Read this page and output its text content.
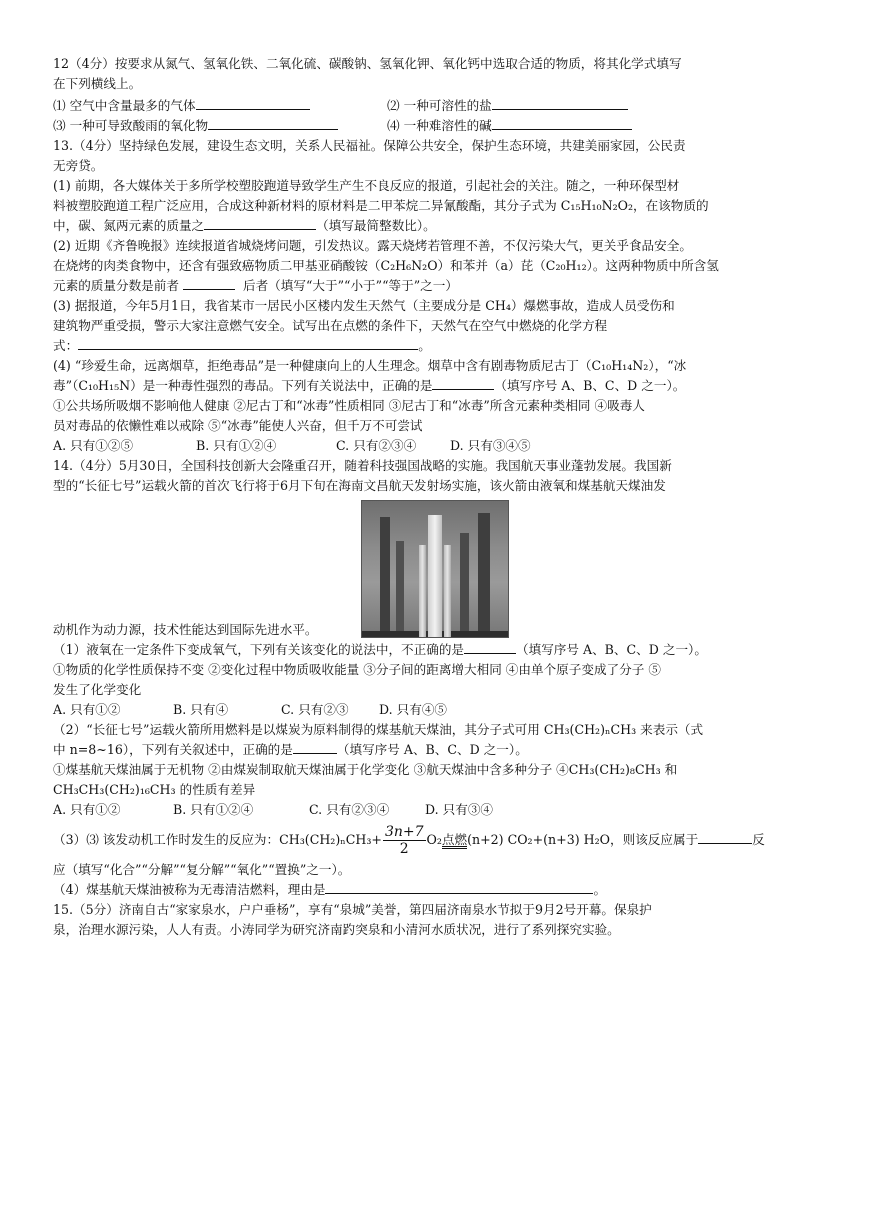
12（4分）按要求从氮气、氢氧化铁、二氧化硫、碳酸钠、氢氧化钾、氧化钙中选取合适的物质，将其化学式填写

在下列横线上。

⑴ 空气中含量最多的气体	⑵ 一种可溶性的盐
⑶ 一种可导致酸雨的氧化物	⑷ 一种难溶性的碱

13.（4分）坚持绿色发展，建设生态文明，关系人民福祉。保障公共安全，保护生态环境，共建美丽家园，公民责

无旁贷。

(1) 前期，各大媒体关于多所学校塑胶跑道导致学生产生不良反应的报道，引起社会的关注。随之，一种环保型材

料被塑胶跑道工程广泛应用，合成这种新材料的原材料是二甲苯烷二异氰酸酯，其分子式为 C₁₅H₁₀N₂O₂，在该物质的

中，碳、氮两元素的质量之	（填写最简整数比）。

(2) 近期《齐鲁晚报》连续报道省城烧烤问题，引发热议。露天烧烤若管理不善，不仅污染大气，更关乎食品安全。

在烧烤的肉类食物中，还含有强致癌物质二甲基亚硝酸铵（C₂H₆N₂O）和苯并（a）芘（C₂₀H₁₂）。这两种物质中所含氢

元素的质量分数是前者	后者（填写“大于”“小于”“等于”之一）

(3) 据报道，今年5月1日，我省某市一居民小区楼内发生天然气（主要成分是 CH₄）爆燃事故，造成人员受伤和

建筑物严重受损，警示大家注意燃气安全。试写出在点燃的条件下，天然气在空气中燃烧的化学方程

式：	。

(4) “珍爱生命，远离烟草，拒绝毒品”是一种健康向上的人生理念。烟草中含有剧毒物质尼古丁（C₁₀H₁₄N₂），“冰

毒”（C₁₀H₁₅N）是一种毒性强烈的毒品。下列有关说法中，正确的是	（填写序号 A、B、C、D 之一）。

①公共场所吸烟不影响他人健康 ②尼古丁和“冰毒”性质相同 ③尼古丁和“冰毒”所含元素种类相同 ④吸毒人

员对毒品的依懒性难以戒除 ⑤“冰毒”能使人兴奋，但千万不可尝试

A. 只有①②⑤	B. 只有①②④	C. 只有②③④	D. 只有③④⑤

14.（4分）5月30日，全国科技创新大会隆重召开，随着科技强国战略的实施。我国航天事业蓬勃发展。我国新

型的“长征七号”运载火箭的首次飞行将于6月下旬在海南文昌航天发射场实施，该火箭由液氧和煤基航天煤油发

动机作为动力源，技术性能达到国际先进水平。

（1）液氧在一定条件下变成氧气，下列有关该变化的说法中，不正确的是	（填写序号 A、B、C、D 之一）。

①物质的化学性质保持不变 ②变化过程中物质吸收能量 ③分子间的距离增大相同 ④由单个原子变成了分子 ⑤

发生了化学变化

A. 只有①②	B. 只有④	C. 只有②③	D. 只有④⑤

（2）“长征七号”运载火箭所用燃料是以煤炭为原料制得的煤基航天煤油，其分子式可用 CH₃(CH₂)ₙCH₃ 来表示（式

中 n=8~16），下列有关叙述中，正确的是	（填写序号 A、B、C、D 之一）。

①煤基航天煤油属于无机物 ②由煤炭制取航天煤油属于化学变化 ③航天煤油中含多种分子 ④CH₃(CH₂)₈CH₃ 和

CH₃CH₃(CH₂)₁₆CH₃ 的性质有差异

A. 只有①②	B. 只有①②④	C. 只有②③④	D. 只有③④

（3）⑶ 该发动机工作时发生的反应为：$CH_3(CH_2)_nCH_3+ \frac{3n+7}{2} O_2$点燃(n+2) CO₂+(n+3) H₂O，则该反应属于	反

应（填写“化合”“分解”“复分解”“氧化”“置换”之一）。

（4）煤基航天煤油被称为无毒清洁燃料，理由是	。

15.（5分）济南自古“家家泉水，户户垂杨”，享有“泉城”美誉，第四届济南泉水节拟于9月2号开幕。保泉护

泉，治理水源污染，人人有责。小涛同学为研究济南趵突泉和小清河水质状况，进行了系列探究实验。
